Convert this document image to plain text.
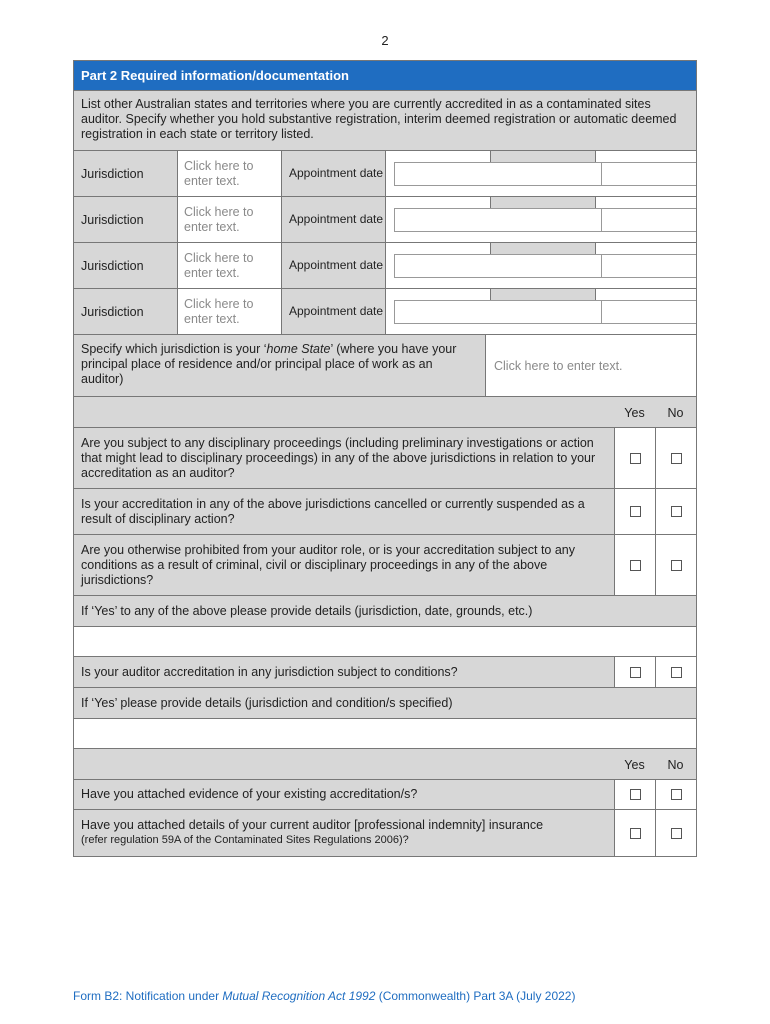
2
Part 2 Required information/documentation
List other Australian states and territories where you are currently accredited in as a contaminated sites auditor. Specify whether you hold substantive registration, interim deemed registration or automatic deemed registration in each state or territory listed.
Jurisdiction
Click here to enter text.
Appointment date
Jurisdiction
Click here to enter text.
Appointment date
Jurisdiction
Click here to enter text.
Appointment date
Jurisdiction
Click here to enter text.
Appointment date
Specify which jurisdiction is your ‘home State’ (where you have your principal place of residence and/or principal place of work as an auditor)
Click here to enter text.
Yes	No
Are you subject to any disciplinary proceedings (including preliminary investigations or action that might lead to disciplinary proceedings) in any of the above jurisdictions in relation to your accreditation as an auditor?
Is your accreditation in any of the above jurisdictions cancelled or currently suspended as a result of disciplinary action?
Are you otherwise prohibited from your auditor role, or is your accreditation subject to any conditions as a result of criminal, civil or disciplinary proceedings in any of the above jurisdictions?
If ‘Yes’ to any of the above please provide details (jurisdiction, date, grounds, etc.)
Is your auditor accreditation in any jurisdiction subject to conditions?
If ‘Yes’ please provide details (jurisdiction and condition/s specified)
Yes	No
Have you attached evidence of your existing accreditation/s?
Have you attached details of your current auditor [professional indemnity] insurance
(refer regulation 59A of the Contaminated Sites Regulations 2006)?
Form B2: Notification under Mutual Recognition Act 1992 (Commonwealth) Part 3A (July 2022)
